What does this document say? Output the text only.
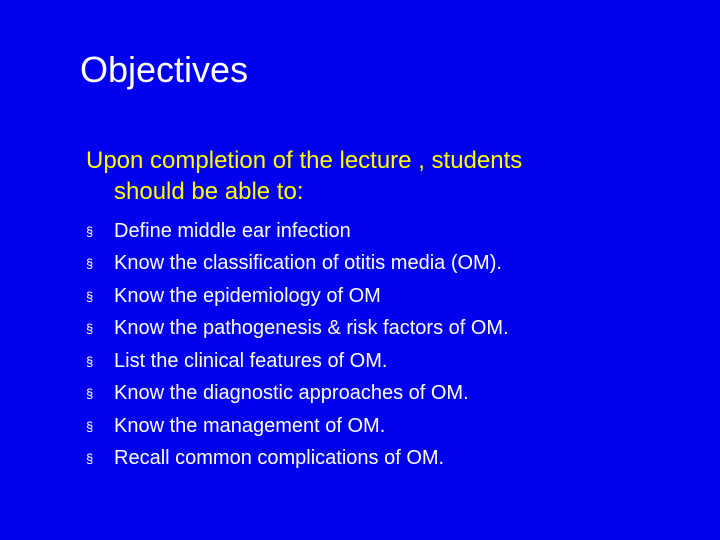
Objectives
Upon completion of the lecture , students
should be able to:
§	Define middle ear infection
§	Know the classification of otitis media (OM).
§	Know the epidemiology of OM
§	Know the pathogenesis & risk factors of OM.
§	List the clinical features of OM.
§	Know the diagnostic approaches of OM.
§	Know the management of OM.
§	Recall common complications of OM.
